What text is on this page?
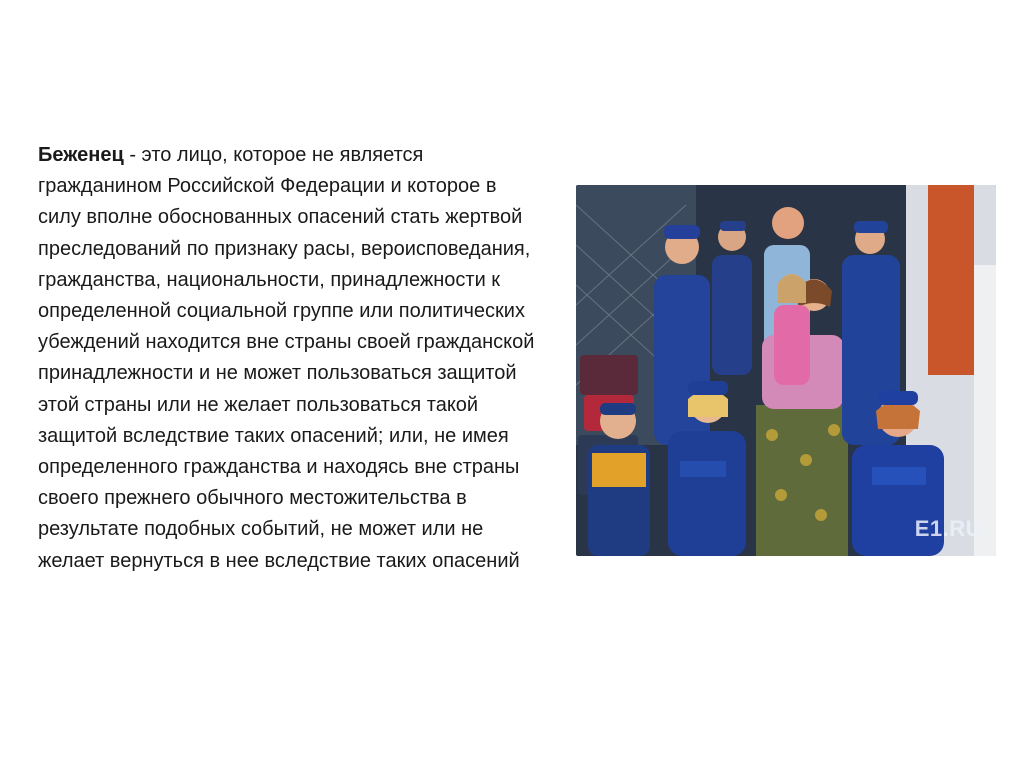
Беженец - это лицо, которое не является гражданином Российской Федерации и которое в силу вполне обоснованных опасений стать жертвой преследований по признаку расы, вероисповедания, гражданства, национальности, принадлежности к определенной социальной группе или политических убеждений находится вне страны своей гражданской принадлежности и не может пользоваться защитой этой страны или не желает пользоваться такой защитой вследствие таких опасений; или, не имея определенного гражданства и находясь вне страны своего прежнего обычного местожительства в результате подобных событий, не может или не желает вернуться в нее вследствие таких опасений

E1.RU
